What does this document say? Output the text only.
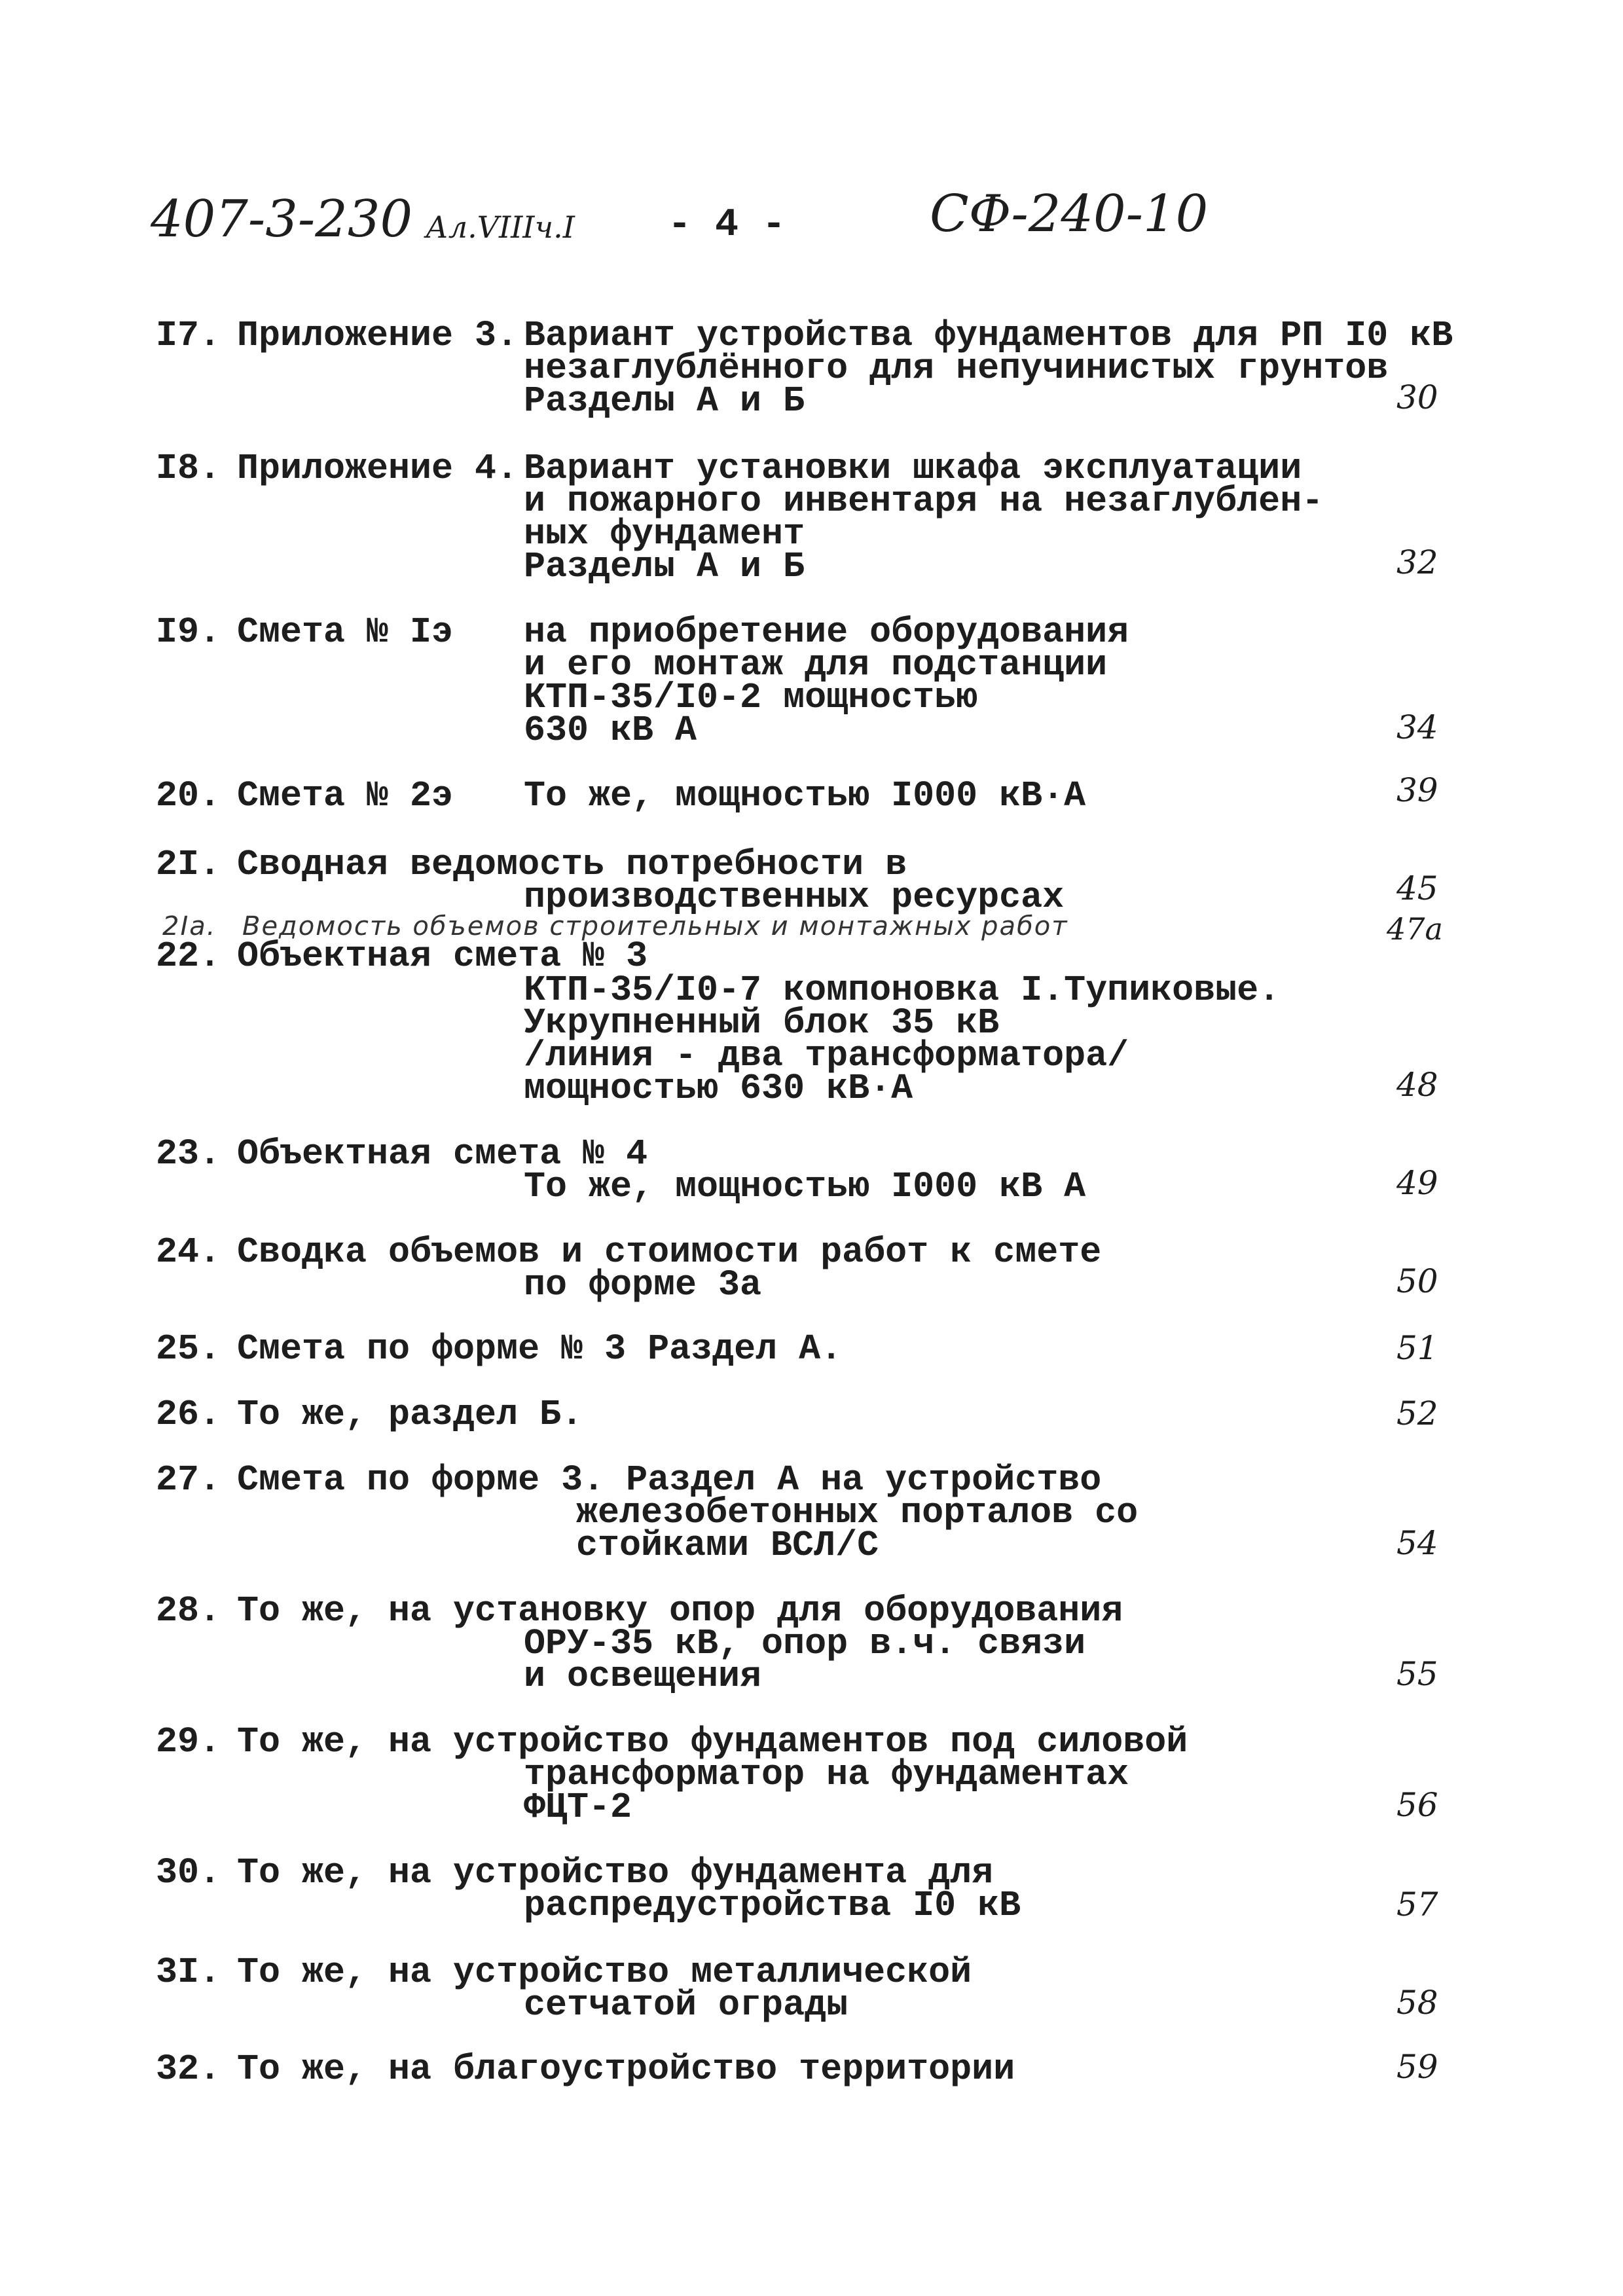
407-3-230 Ал.VIIIч.I - 4 -	СФ-240-10
I7. Приложение 3. Вариант устройства фундаментов для РП I0 кВ
незаглублённого для непучинистых грунтов
Разделы А и Б	30
I8. Приложение 4. Вариант установки шкафа эксплуатации
и пожарного инвентаря на незаглублен-
ных фундамент
Разделы А и Б	32
I9. Смета № Iэ на приобретение оборудования
и его монтаж для подстанции
КТП-35/I0-2 мощностью
630 кВ А	34
20. Смета № 2э То же, мощностью I000 кВ·А	39
2I. Сводная ведомость потребности в
производственных ресурсах	45
2Iа. Ведомость объемов строительных и монтажных работ	47а
22. Объектная смета № 3
КТП-35/I0-7 компоновка I.Тупиковые.
Укрупненный блок 35 кВ
/линия - два трансформатора/
мощностью 630 кВ·А	48
23. Объектная смета № 4
То же, мощностью I000 кВ А	49
24. Сводка объемов и стоимости работ к смете
по форме 3а	50
25. Смета по форме № 3 Раздел А.	51
26. То же, раздел Б.	52
27. Смета по форме 3. Раздел А на устройство
железобетонных порталов со
стойками ВСЛ/С	54
28. То же, на установку опор для оборудования
ОРУ-35 кВ, опор в.ч. связи
и освещения	55
29. То же, на устройство фундаментов под силовой
трансформатор на фундаментах
ФЦТ-2	56
30. То же, на устройство фундамента для
распредустройства I0 кВ	57
3I. То же, на устройство металлической
сетчатой ограды	58
32. То же, на благоустройство территории	59
